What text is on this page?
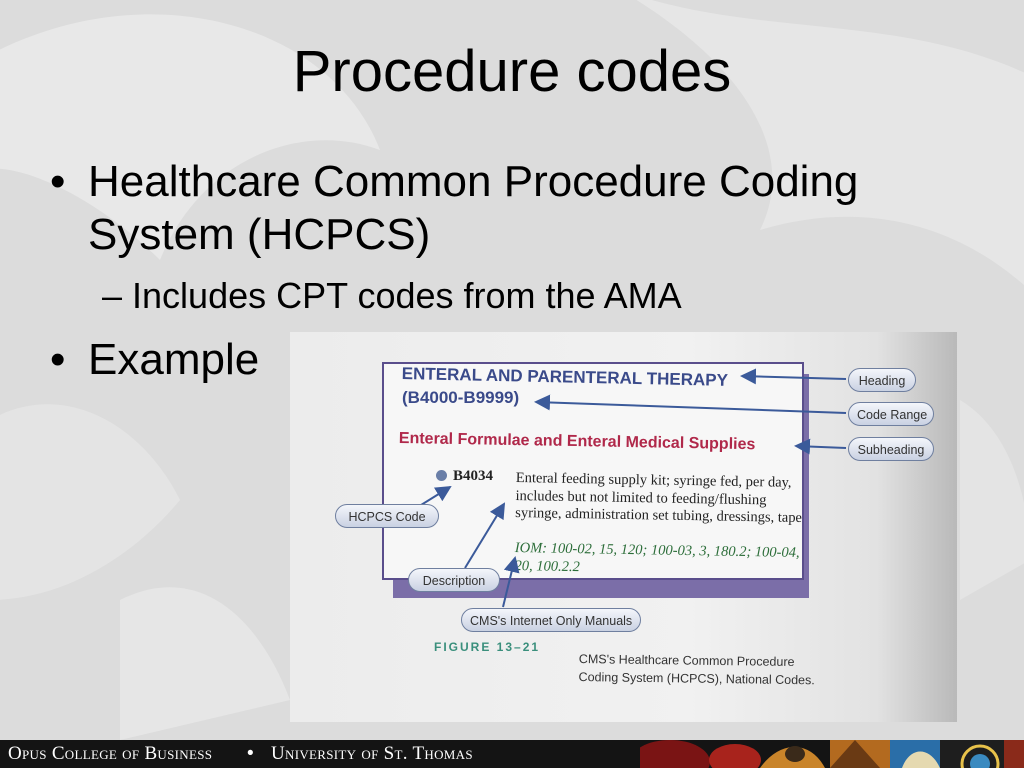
Procedure codes
• Healthcare Common Procedure Coding System (HCPCS)
– Includes CPT codes from the AMA
• Example	ENTERAL AND PARENTERAL THERAPY
(B4000-B9999)
Enteral Formulae and Enteral Medical Supplies
B4034 Enteral feeding supply kit; syringe fed, per day, includes but not limited to feeding/flushing syringe, administration set tubing, dressings, tape
IOM: 100-02, 15, 120; 100-03, 3, 180.2; 100-04, 20, 100.2.2
Heading
Code Range
Subheading
HCPCS Code
Description
CMS's Internet Only Manuals
CMS's Healthcare Common Procedure Coding System (HCPCS), National Codes.
FIGURE 13–21
Opus College of Business • University of St. Thomas
